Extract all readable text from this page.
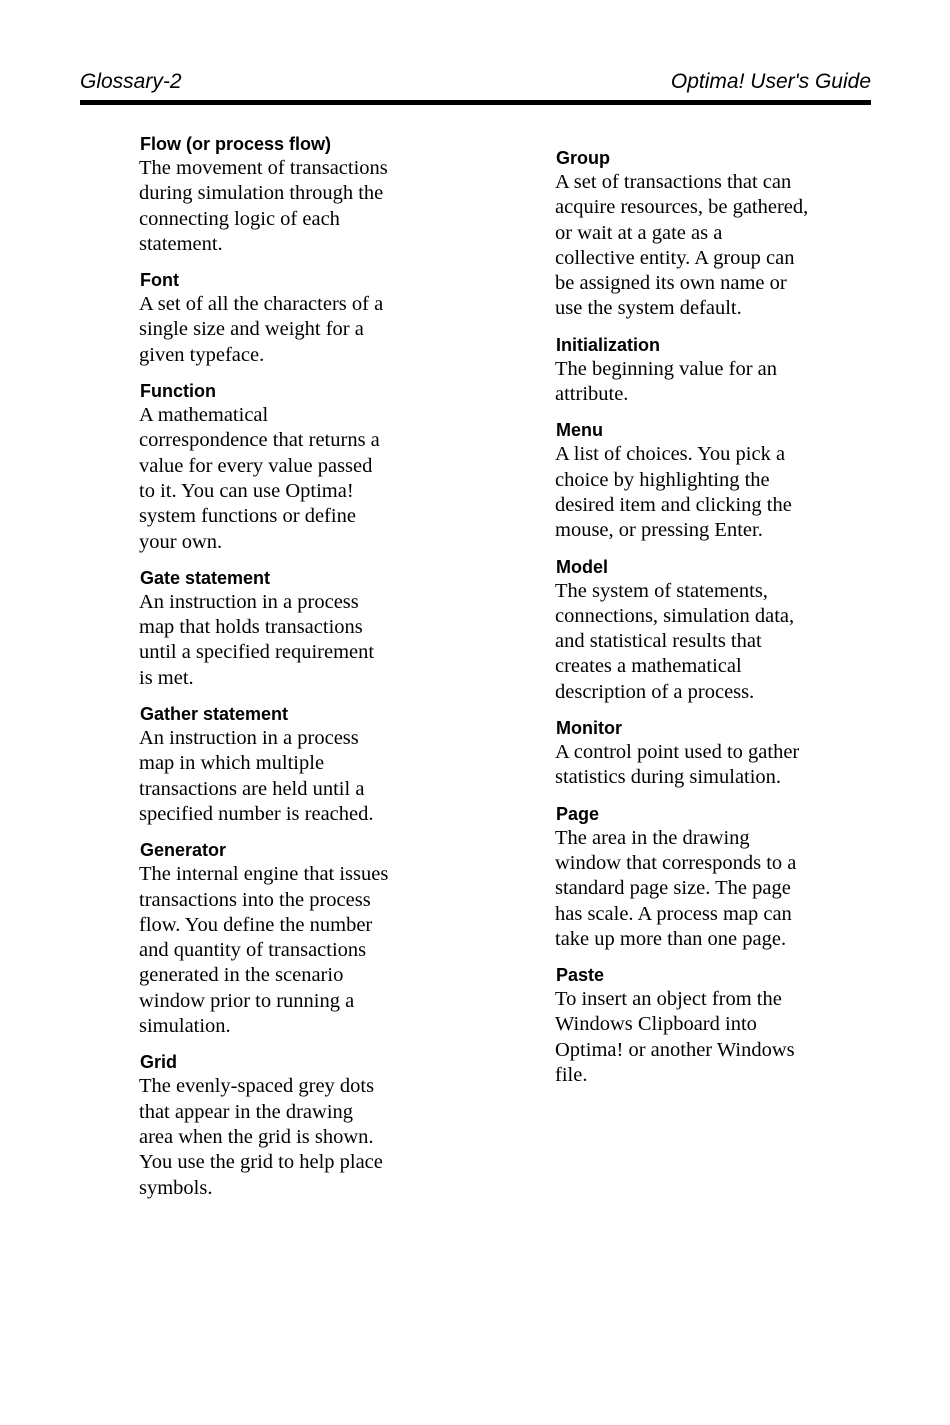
Glossary-2	Optima! User's Guide
Flow (or process flow)
The movement of transactions
during simulation through the
connecting logic of each
statement.
Font
A set of all the characters of a
single size and weight for a
given typeface.
Function
A mathematical
correspondence that returns a
value for every value passed
to it. You can use Optima!
system functions or define
your own.
Gate statement
An instruction in a process
map that holds transactions
until a specified requirement
is met.
Gather statement
An instruction in a process
map in which multiple
transactions are held until a
specified number is reached.
Generator
The internal engine that issues
transactions into the process
flow. You define the number
and quantity of transactions
generated in the scenario
window prior to running a
simulation.
Grid
The evenly-spaced grey dots
that appear in the drawing
area when the grid is shown.
You use the grid to help place
symbols.
Group
A set of transactions that can
acquire resources, be gathered,
or wait at a gate as a
collective entity. A group can
be assigned its own name or
use the system default.
Initialization
The beginning value for an
attribute.
Menu
A list of choices. You pick a
choice by highlighting the
desired item and clicking the
mouse, or pressing Enter.
Model
The system of statements,
connections, simulation data,
and statistical results that
creates a mathematical
description of a process.
Monitor
A control point used to gather
statistics during simulation.
Page
The area in the drawing
window that corresponds to a
standard page size. The page
has scale. A process map can
take up more than one page.
Paste
To insert an object from the
Windows Clipboard into
Optima! or another Windows
file.
